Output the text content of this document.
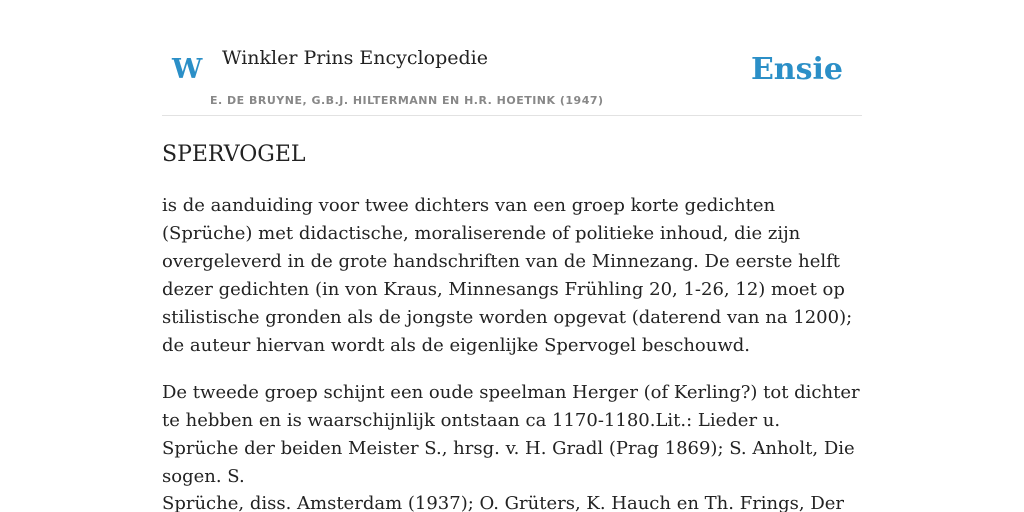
W Winkler Prins Encyclopedie
E. DE BRUYNE, G.B.J. HILTERMANN EN H.R. HOETINK (1947)
Ensie
SPERVOGEL

is de aanduiding voor twee dichters van een groep korte gedichten (Sprüche) met didactische, moraliserende of politieke inhoud, die zijn overgeleverd in de grote handschriften van de Minnezang. De eerste helft dezer gedichten (in von Kraus, Minnesangs Frühling 20, 1-26, 12) moet op stilistische gronden als de jongste worden opgevat (daterend van na 1200); de auteur hiervan wordt als de eigenlijke Spervogel beschouwd.

De tweede groep schijnt een oude speelman Herger (of Kerling?) tot dichter te hebben en is waarschijnlijk ontstaan ca 1170-1180.Lit.: Lieder u. Sprüche der beiden Meister S., hrsg. v. H. Gradl (Prag 1869); S. Anholt, Die sogen. S.

Sprüche, diss. Amsterdam (1937); O. Grüters, K. Hauch en Th. Frings, Der
